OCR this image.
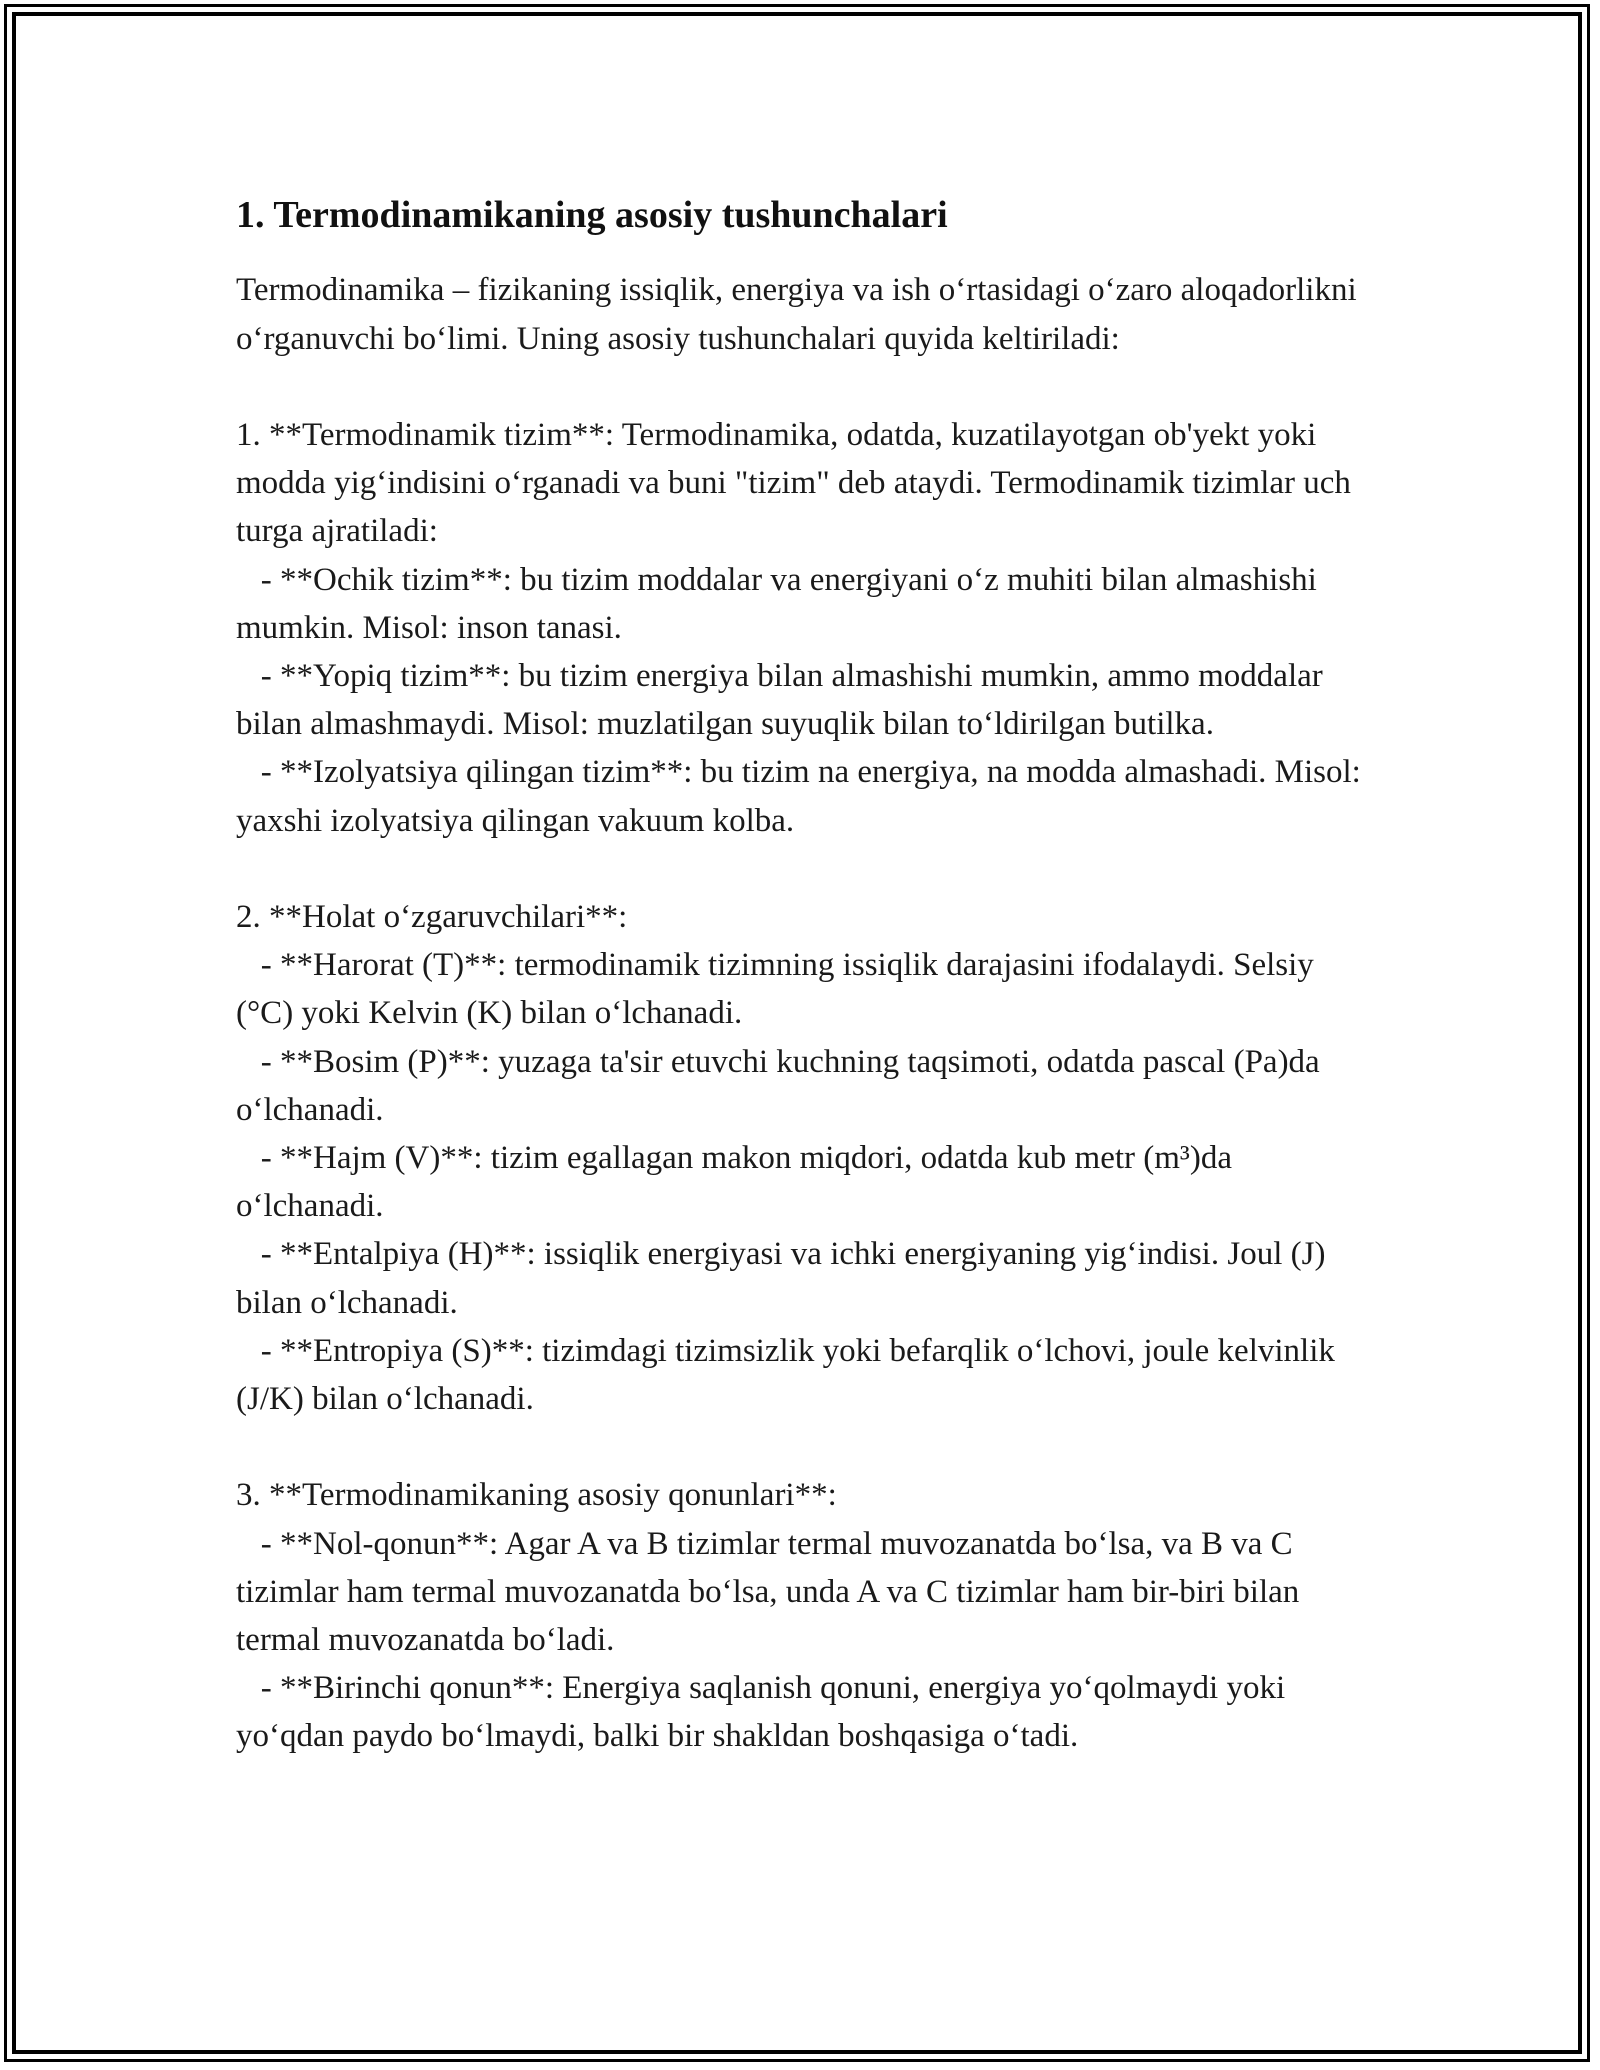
1. Termodinamikaning asosiy tushunchalari

Termodinamika – fizikaning issiqlik, energiya va ish o‘rtasidagi o‘zaro aloqadorlikni o‘rganuvchi bo‘limi. Uning asosiy tushunchalari quyida keltiriladi:

1. **Termodinamik tizim**: Termodinamika, odatda, kuzatilayotgan ob'yekt yoki modda yig‘indisini o‘rganadi va buni "tizim" deb ataydi. Termodinamik tizimlar uch turga ajratiladi:

- **Ochik tizim**: bu tizim moddalar va energiyani o‘z muhiti bilan almashishi mumkin. Misol: inson tanasi.

- **Yopiq tizim**: bu tizim energiya bilan almashishi mumkin, ammo moddalar bilan almashmaydi. Misol: muzlatilgan suyuqlik bilan to‘ldirilgan butilka.

- **Izolyatsiya qilingan tizim**: bu tizim na energiya, na modda almashadi. Misol: yaxshi izolyatsiya qilingan vakuum kolba.

2. **Holat o‘zgaruvchilari**:

- **Harorat (T)**: termodinamik tizimning issiqlik darajasini ifodalaydi. Selsiy (°C) yoki Kelvin (K) bilan o‘lchanadi.

- **Bosim (P)**: yuzaga ta'sir etuvchi kuchning taqsimoti, odatda pascal (Pa)da o‘lchanadi.

- **Hajm (V)**: tizim egallagan makon miqdori, odatda kub metr (m³)da o‘lchanadi.

- **Entalpiya (H)**: issiqlik energiyasi va ichki energiyaning yig‘indisi. Joul (J) bilan o‘lchanadi.

- **Entropiya (S)**: tizimdagi tizimsizlik yoki befarqlik o‘lchovi, joule kelvinlik (J/K) bilan o‘lchanadi.

3. **Termodinamikaning asosiy qonunlari**:

- **Nol-qonun**: Agar A va B tizimlar termal muvozanatda bo‘lsa, va B va C tizimlar ham termal muvozanatda bo‘lsa, unda A va C tizimlar ham bir-biri bilan termal muvozanatda bo‘ladi.

- **Birinchi qonun**: Energiya saqlanish qonuni, energiya yo‘qolmaydi yoki yo‘qdan paydo bo‘lmaydi, balki bir shakldan boshqasiga o‘tadi.
